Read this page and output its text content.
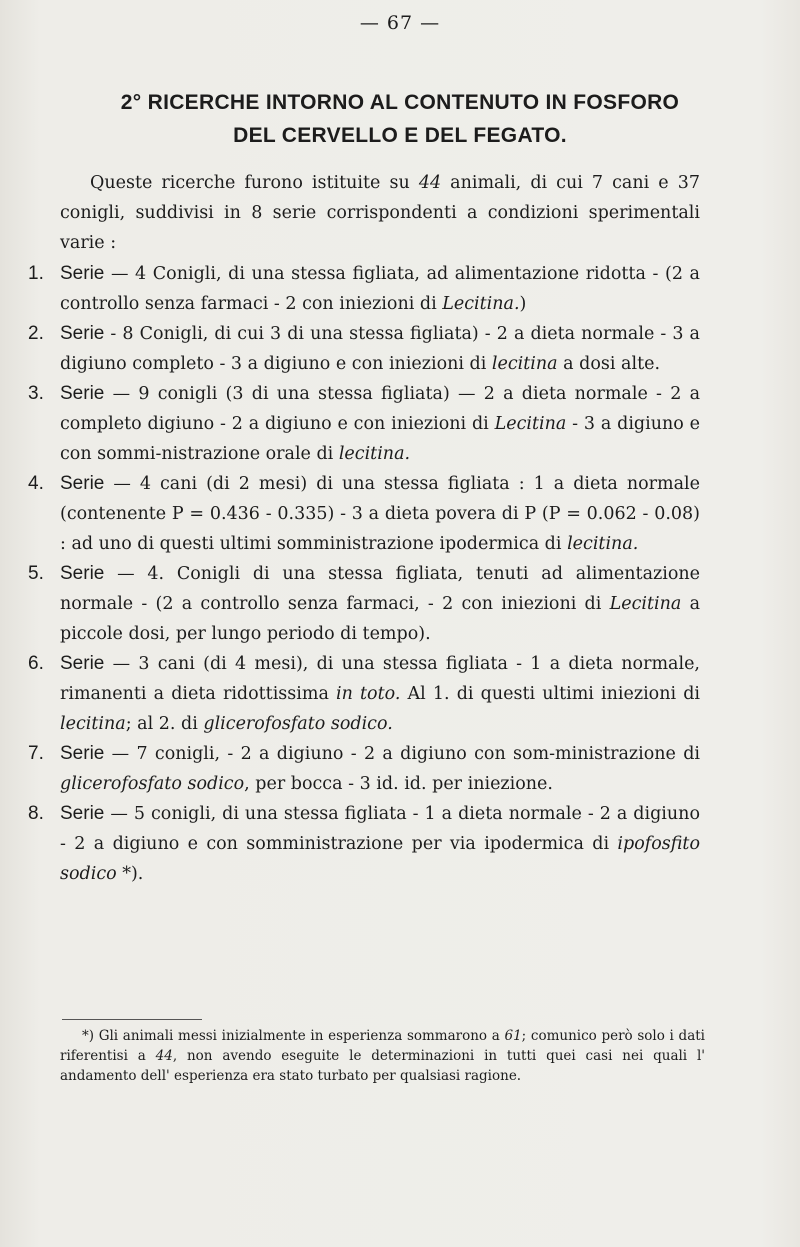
— 67 —
2° RICERCHE INTORNO AL CONTENUTO IN FOSFORO
DEL CERVELLO E DEL FEGATO.

Queste ricerche furono istituite su 44 animali, di cui 7 cani e 37 conigli, suddivisi in 8 serie corrispondenti a condizioni sperimentali varie :

1. Serie — 4 Conigli, di una stessa figliata, ad alimentazione ridotta - (2 a controllo senza farmaci - 2 con iniezioni di Lecitina.)
2. Serie - 8 Conigli, di cui 3 di una stessa figliata) - 2 a dieta normale - 3 a digiuno completo - 3 a digiuno e con iniezioni di lecitina a dosi alte.
3. Serie — 9 conigli (3 di una stessa figliata) — 2 a dieta normale - 2 a completo digiuno - 2 a digiuno e con iniezioni di Lecitina - 3 a digiuno e con sommi-nistrazione orale di lecitina.
4. Serie — 4 cani (di 2 mesi) di una stessa figliata : 1 a dieta normale (contenente P = 0.436 - 0.335) - 3 a dieta povera di P (P = 0.062 - 0.08) : ad uno di questi ultimi somministrazione ipodermica di lecitina.
5. Serie — 4. Conigli di una stessa figliata, tenuti ad alimentazione normale - (2 a controllo senza farmaci, - 2 con iniezioni di Lecitina a piccole dosi, per lungo periodo di tempo).
6. Serie — 3 cani (di 4 mesi), di una stessa figliata - 1 a dieta normale, rimanenti a dieta ridottissima in toto. Al 1. di questi ultimi iniezioni di lecitina; al 2. di glicerofosfato sodico.
7. Serie — 7 conigli, - 2 a digiuno - 2 a digiuno con som-ministrazione di glicerofosfato sodico, per bocca - 3 id. id. per iniezione.
8. Serie — 5 conigli, di una stessa figliata - 1 a dieta normale - 2 a digiuno - 2 a digiuno e con somministrazione per via ipodermica di ipofosfito sodico *).

*) Gli animali messi inizialmente in esperienza sommarono a 61; comunico però solo i dati riferentisi a 44, non avendo eseguite le determinazioni in tutti quei casi nei quali l' andamento dell' esperienza era stato turbato per qualsiasi ragione.
